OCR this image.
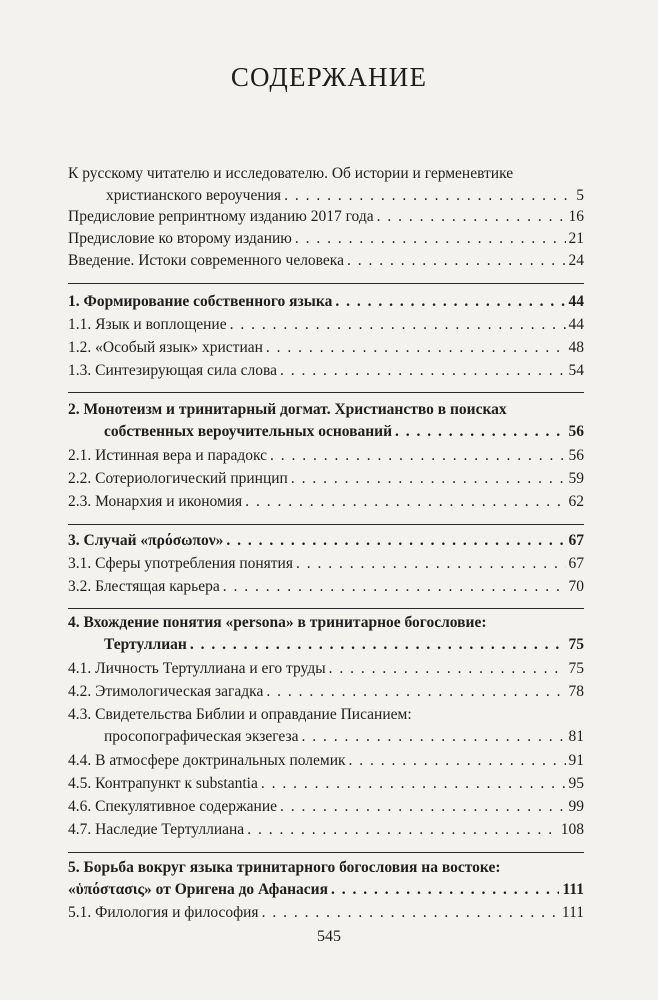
СОДЕРЖАНИЕ
К русскому читателю и исследователю. Об истории и герменевтике
христианского вероучения . . .	5
Предисловие репринтному изданию 2017 года . . .	16
Предисловие ко второму изданию . . .	21
Введение. Истоки современного человека . . .	24
1. Формирование собственного языка . . .	44
1.1. Язык и воплощение . . .	44
1.2. «Особый язык» христиан . . .	48
1.3. Синтезирующая сила слова . . .	54
2. Монотеизм и тринитарный догмат. Христианство в поисках
собственных вероучительных оснований . . .	56
2.1. Истинная вера и парадокс . . .	56
2.2. Сотериологический принцип . . .	59
2.3. Монархия и икономия . . .	62
3. Случай «πρόσωπον» . . .	67
3.1. Сферы употребления понятия . . .	67
3.2. Блестящая карьера . . .	70
4. Вхождение понятия «persona» в тринитарное богословие:
Тертуллиан . . .	75
4.1. Личность Тертуллиана и его труды . . .	75
4.2. Этимологическая загадка . . .	78
4.3. Свидетельства Библии и оправдание Писанием:
просопографическая экзегеза . . .	81
4.4. В атмосфере доктринальных полемик . . .	91
4.5. Контрапункт к substantia . . .	95
4.6. Спекулятивное содержание . . .	99
4.7. Наследие Тертуллиана . . .	108
5. Борьба вокруг языка тринитарного богословия на востоке:
«ὑπόστασις» от Оригена до Афанасия . . .	111
5.1. Филология и философия . . .	111
545
